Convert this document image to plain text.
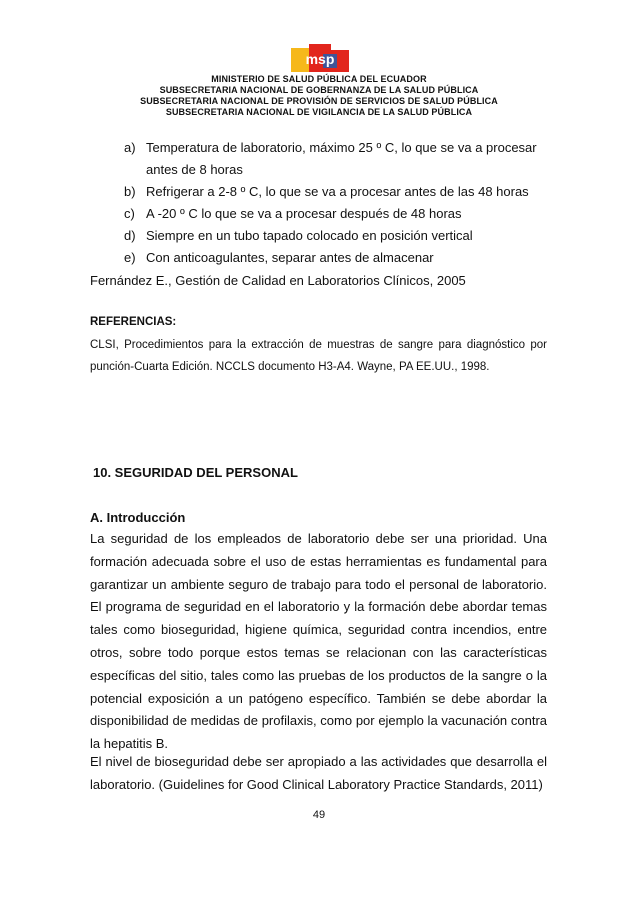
msp
MINISTERIO DE SALUD PÚBLICA DEL ECUADOR
SUBSECRETARIA NACIONAL DE GOBERNANZA DE LA SALUD PÚBLICA
SUBSECRETARIA NACIONAL DE PROVISIÓN DE SERVICIOS DE SALUD PÚBLICA
SUBSECRETARIA NACIONAL DE VIGILANCIA DE LA SALUD PÚBLICA
a) Temperatura de laboratorio, máximo 25 º C, lo que se va a procesar
antes de 8 horas
b) Refrigerar a 2-8 º C, lo que se va a procesar antes de las 48 horas
c) A -20 º C lo que se va a procesar después de 48 horas
d) Siempre en un tubo tapado colocado en posición vertical
e) Con anticoagulantes, separar antes de almacenar
Fernández E., Gestión de Calidad en Laboratorios Clínicos, 2005
REFERENCIAS:
CLSI, Procedimientos para la extracción de muestras de sangre para diagnóstico por
punción-Cuarta Edición. NCCLS documento H3-A4. Wayne, PA EE.UU., 1998.
10. SEGURIDAD DEL PERSONAL
A. Introducción
La seguridad de los empleados de laboratorio debe ser una prioridad. Una
formación adecuada sobre el uso de estas herramientas es fundamental para
garantizar un ambiente seguro de trabajo para todo el personal de laboratorio.
El programa de seguridad en el laboratorio y la formación debe abordar temas
tales como bioseguridad, higiene química, seguridad contra incendios, entre
otros, sobre todo porque estos temas se relacionan con las características
específicas del sitio, tales como las pruebas de los productos de la sangre o la
potencial exposición a un patógeno específico. También se debe abordar la
disponibilidad de medidas de profilaxis, como por ejemplo la vacunación contra
la hepatitis B.
El nivel de bioseguridad debe ser apropiado a las actividades que desarrolla el
laboratorio. (Guidelines for Good Clinical Laboratory Practice Standards, 2011)
49
